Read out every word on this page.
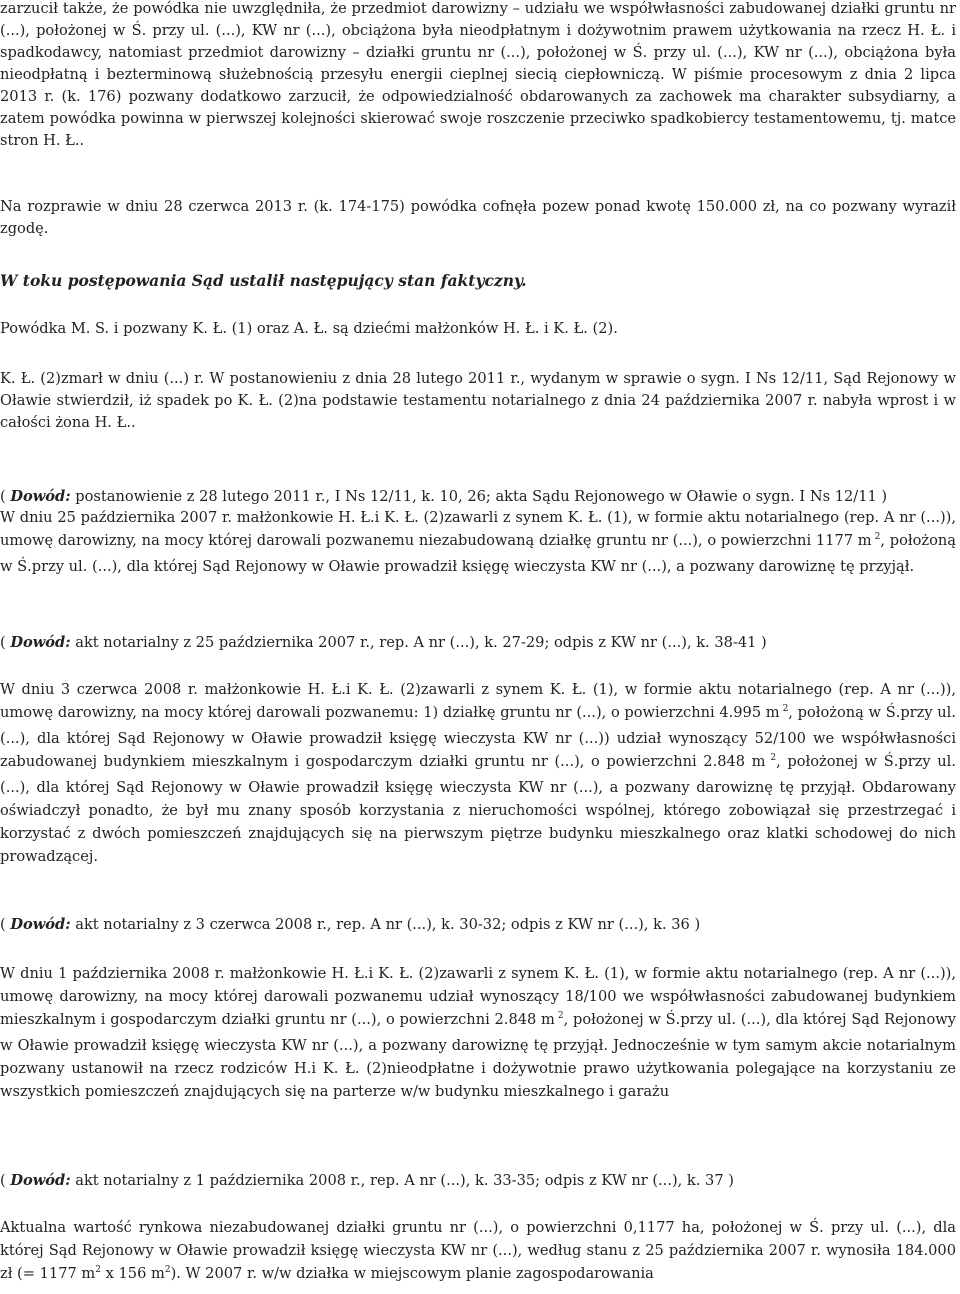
zarzucił także, że powódka nie uwzględniła, że przedmiot darowizny – udziału we współwłasności zabudowanej działki gruntu nr (...), położonej w Ś. przy ul. (...), KW nr (...), obciążona była nieodpłatnym i dożywotnim prawem użytkowania na rzecz H. Ł. i spadkodawcy, natomiast przedmiot darowizny – działki gruntu nr (...), położonej w Ś. przy ul. (...), KW nr (...), obciążona była nieodpłatną i bezterminową służebnością przesyłu energii cieplnej siecią ciepłowniczą. W piśmie procesowym z dnia 2 lipca 2013 r. (k. 176) pozwany dodatkowo zarzucił, że odpowiedzialność obdarowanych za zachowek ma charakter subsydiarny, a zatem powódka powinna w pierwszej kolejności skierować swoje roszczenie przeciwko spadkobiercy testamentowemu, tj. matce stron H. Ł..

Na rozprawie w dniu 28 czerwca 2013 r. (k. 174-175) powódka cofnęła pozew ponad kwotę 150.000 zł, na co pozwany wyraził zgodę.

W toku postępowania Sąd ustalił następujący stan faktyczny.

Powódka M. S. i pozwany K. Ł. (1) oraz A. Ł. są dziećmi małżonków H. Ł. i K. Ł. (2).

K. Ł. (2)zmarł w dniu (...) r. W postanowieniu z dnia 28 lutego 2011 r., wydanym w sprawie o sygn. I Ns 12/11, Sąd Rejonowy w Oławie stwierdził, iż spadek po K. Ł. (2)na podstawie testamentu notarialnego z dnia 24 października 2007 r. nabyła wprost i w całości żona H. Ł..

( Dowód: postanowienie z 28 lutego 2011 r., I Ns 12/11, k. 10, 26; akta Sądu Rejonowego w Oławie o sygn. I Ns 12/11 )

W dniu 25 października 2007 r. małżonkowie H. Ł.i K. Ł. (2)zawarli z synem K. Ł. (1), w formie aktu notarialnego (rep. A nr (...)), umowę darowizny, na mocy której darowali pozwanemu niezabudowaną działkę gruntu nr (...), o powierzchni 1177 m $^2$, położoną w Ś.przy ul. (...), dla której Sąd Rejonowy w Oławie prowadził księgę wieczysta KW nr (...), a pozwany darowiznę tę przyjął.

( Dowód: akt notarialny z 25 października 2007 r., rep. A nr (...), k. 27-29; odpis z KW nr (...), k. 38-41 )

W dniu 3 czerwca 2008 r. małżonkowie H. Ł.i K. Ł. (2)zawarli z synem K. Ł. (1), w formie aktu notarialnego (rep. A nr (...)), umowę darowizny, na mocy której darowali pozwanemu: 1) działkę gruntu nr (...), o powierzchni 4.995 m $^2$, położoną w Ś.przy ul. (...), dla której Sąd Rejonowy w Oławie prowadził księgę wieczysta KW nr (...)) udział wynoszący 52/100 we współwłasności zabudowanej budynkiem mieszkalnym i gospodarczym działki gruntu nr (...), o powierzchni 2.848 m $^2$, położonej w Ś.przy ul. (...), dla której Sąd Rejonowy w Oławie prowadził księgę wieczysta KW nr (...), a pozwany darowiznę tę przyjął. Obdarowany oświadczył ponadto, że był mu znany sposób korzystania z nieruchomości wspólnej, którego zobowiązał się przestrzegać i korzystać z dwóch pomieszczeń znajdujących się na pierwszym piętrze budynku mieszkalnego oraz klatki schodowej do nich prowadzącej.

( Dowód: akt notarialny z 3 czerwca 2008 r., rep. A nr (...), k. 30-32; odpis z KW nr (...), k. 36 )

W dniu 1 października 2008 r. małżonkowie H. Ł.i K. Ł. (2)zawarli z synem K. Ł. (1), w formie aktu notarialnego (rep. A nr (...)), umowę darowizny, na mocy której darowali pozwanemu udział wynoszący 18/100 we współwłasności zabudowanej budynkiem mieszkalnym i gospodarczym działki gruntu nr (...), o powierzchni 2.848 m $^2$, położonej w Ś.przy ul. (...), dla której Sąd Rejonowy w Oławie prowadził księgę wieczysta KW nr (...), a pozwany darowiznę tę przyjął. Jednocześnie w tym samym akcie notarialnym pozwany ustanowił na rzecz rodziców H.i K. Ł. (2)nieodpłatne i dożywotnie prawo użytkowania polegające na korzystaniu ze wszystkich pomieszczeń znajdujących się na parterze w/w budynku mieszkalnego i garażu

( Dowód: akt notarialny z 1 października 2008 r., rep. A nr (...), k. 33-35; odpis z KW nr (...), k. 37 )

Aktualna wartość rynkowa niezabudowanej działki gruntu nr (...), o powierzchni 0,1177 ha, położonej w Ś. przy ul. (...), dla której Sąd Rejonowy w Oławie prowadził księgę wieczysta KW nr (...), według stanu z 25 października 2007 r. wynosiła 184.000 zł (= 1177 $m^2$ x 156 $m^2$). W 2007 r. w/w działka w miejscowym planie zagospodarowania
